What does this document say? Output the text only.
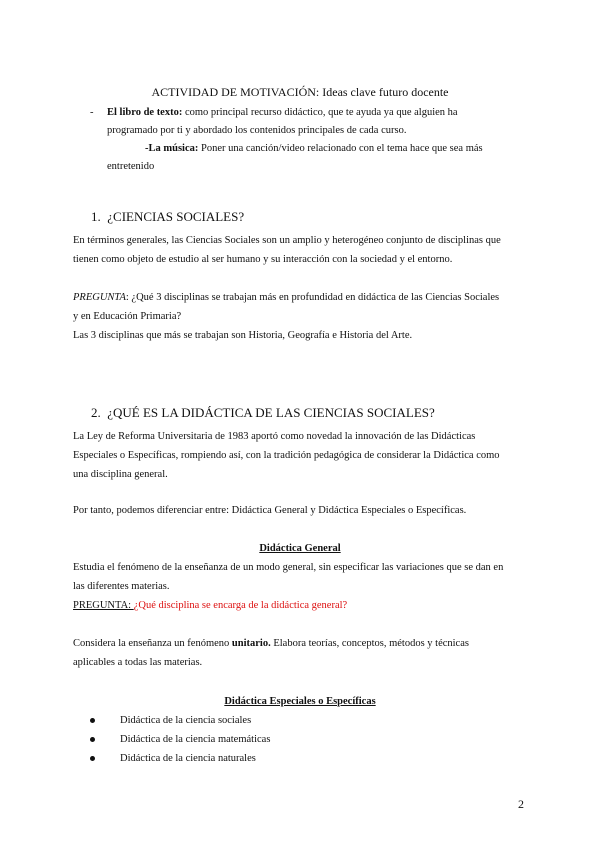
ACTIVIDAD DE MOTIVACIÓN: Ideas clave futuro docente
-	El libro de texto: como principal recurso didáctico, que te ayuda ya que alguien ha
programado por ti y abordado los contenidos principales de cada curso.
-La música: Poner una canción/video relacionado con el tema hace que sea más
entretenido
1. ¿CIENCIAS SOCIALES?
En términos generales, las Ciencias Sociales son un amplio y heterogéneo conjunto de disciplinas que
tienen como objeto de estudio al ser humano y su interacción con la sociedad y el entorno.
PREGUNTA: ¿Qué 3 disciplinas se trabajan más en profundidad en didáctica de las Ciencias Sociales
y en Educación Primaria?
Las 3 disciplinas que más se trabajan son Historia, Geografía e Historia del Arte.
2. ¿QUÉ ES LA DIDÁCTICA DE LAS CIENCIAS SOCIALES?
La Ley de Reforma Universitaria de 1983 aportó como novedad la innovación de las Didácticas
Especiales o Específicas, rompiendo así, con la tradición pedagógica de considerar la Didáctica como
una disciplina general.
Por tanto, podemos diferenciar entre: Didáctica General y Didáctica Especiales o Específicas.
Didáctica General
Estudia el fenómeno de la enseñanza de un modo general, sin especificar las variaciones que se dan en
las diferentes materias.
PREGUNTA: ¿Qué disciplina se encarga de la didáctica general?
Considera la enseñanza un fenómeno unitario. Elabora teorías, conceptos, métodos y técnicas
aplicables a todas las materias.
Didáctica Especiales o Específicas
Didáctica de la ciencia sociales
Didáctica de la ciencia matemáticas
Didáctica de la ciencia naturales
2
